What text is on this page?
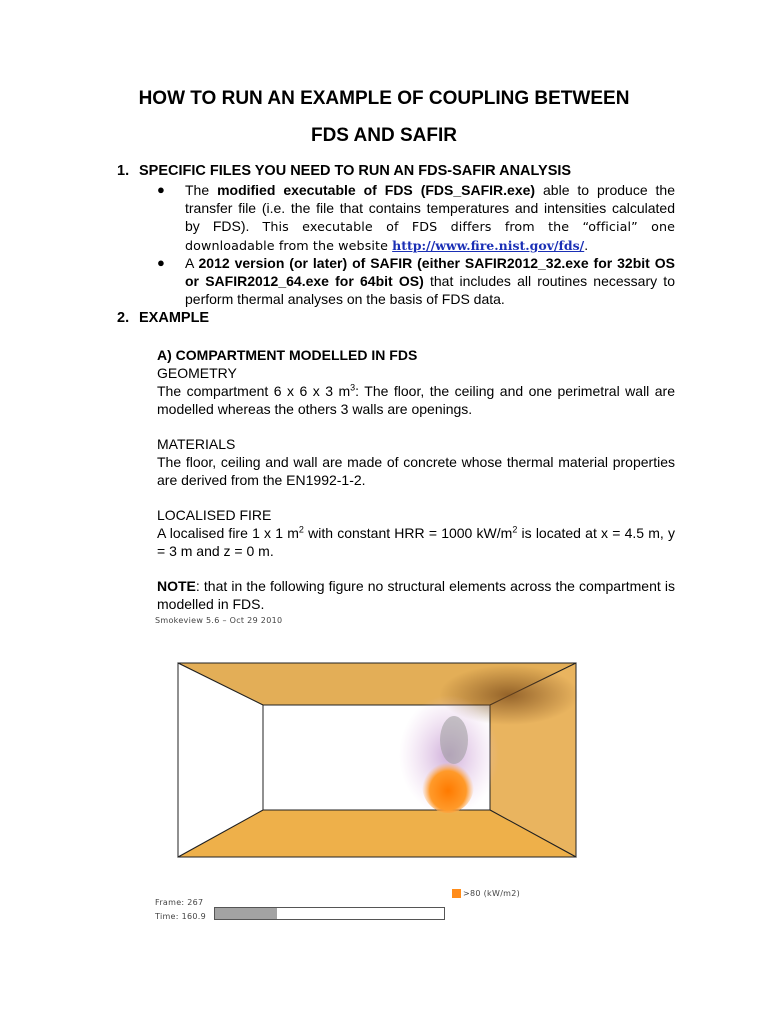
HOW TO RUN AN EXAMPLE OF COUPLING BETWEEN
FDS AND SAFIR
1. SPECIFIC FILES YOU NEED TO RUN AN FDS-SAFIR ANALYSIS
●	The modified executable of FDS (FDS_SAFIR.exe) able to produce the transfer file (i.e. the file that contains temperatures and intensities calculated by FDS). This executable of FDS differs from the “official” one downloadable from the website http://www.fire.nist.gov/fds/.
●	A 2012 version (or later) of SAFIR (either SAFIR2012_32.exe for 32bit OS or SAFIR2012_64.exe for 64bit OS) that includes all routines necessary to perform thermal analyses on the basis of FDS data.
2. EXAMPLE
A) COMPARTMENT MODELLED IN FDS
GEOMETRY
The compartment 6 x 6 x 3 $m^3$: The floor, the ceiling and one perimetral wall are modelled whereas the others 3 walls are openings.
MATERIALS
The floor, ceiling and wall are made of concrete whose thermal material properties are derived from the EN1992-1-2.
LOCALISED FIRE
A localised fire 1 x 1 $m^2$ with constant HRR = 1000 $kW/m^2$ is located at x = 4.5 m, y = 3 m and z = 0 m.
NOTE: that in the following figure no structural elements across the compartment is modelled in FDS.
Smokeview 5.6 – Oct 29 2010
Frame: 267
Time: 160.9
>80 (kW/m2)
